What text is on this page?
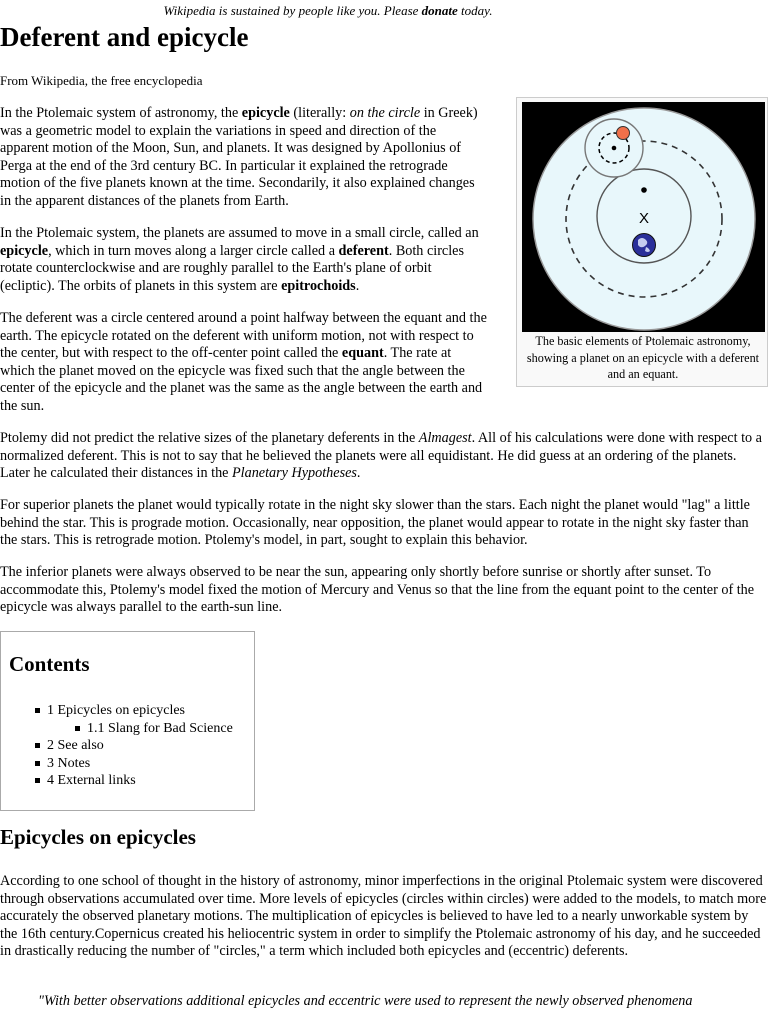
Wikipedia is sustained by people like you. Please donate today.
Deferent and epicycle
From Wikipedia, the free encyclopedia

In the Ptolemaic system of astronomy, the epicycle (literally: on the circle in Greek) was a geometric model to explain the variations in speed and direction of the apparent motion of the Moon, Sun, and planets. It was designed by Apollonius of Perga at the end of the 3rd century BC. In particular it explained the retrograde motion of the five planets known at the time. Secondarily, it also explained changes in the apparent distances of the planets from Earth.

In the Ptolemaic system, the planets are assumed to move in a small circle, called an epicycle, which in turn moves along a larger circle called a deferent. Both circles rotate counterclockwise and are roughly parallel to the Earth's plane of orbit (ecliptic). The orbits of planets in this system are epitrochoids.

The deferent was a circle centered around a point halfway between the equant and the earth. The epicycle rotated on the deferent with uniform motion, not with respect to the center, but with respect to the off-center point called the equant. The rate at which the planet moved on the epicycle was fixed such that the angle between the center of the epicycle and the planet was the same as the angle between the earth and the sun.

Ptolemy did not predict the relative sizes of the planetary deferents in the Almagest. All of his calculations were done with respect to a normalized deferent. This is not to say that he believed the planets were all equidistant. He did guess at an ordering of the planets. Later he calculated their distances in the Planetary Hypotheses.

For superior planets the planet would typically rotate in the night sky slower than the stars. Each night the planet would "lag" a little behind the star. This is prograde motion. Occasionally, near opposition, the planet would appear to rotate in the night sky faster than the stars. This is retrograde motion. Ptolemy's model, in part, sought to explain this behavior.

The inferior planets were always observed to be near the sun, appearing only shortly before sunrise or shortly after sunset. To accommodate this, Ptolemy's model fixed the motion of Mercury and Venus so that the line from the equant point to the center of the epicycle was always parallel to the earth-sun line.

X
The basic elements of Ptolemaic astronomy, showing a planet on an epicycle with a deferent and an equant.
Contents
1 Epicycles on epicycles
1.1 Slang for Bad Science
2 See also
3 Notes
4 External links
Epicycles on epicycles

According to one school of thought in the history of astronomy, minor imperfections in the original Ptolemaic system were discovered through observations accumulated over time. More levels of epicycles (circles within circles) were added to the models, to match more accurately the observed planetary motions. The multiplication of epicycles is believed to have led to a nearly unworkable system by the 16th century.Copernicus created his heliocentric system in order to simplify the Ptolemaic astronomy of his day, and he succeeded in drastically reducing the number of "circles," a term which included both epicycles and (eccentric) deferents.

"With better observations additional epicycles and eccentric were used to represent the newly observed phenomena
